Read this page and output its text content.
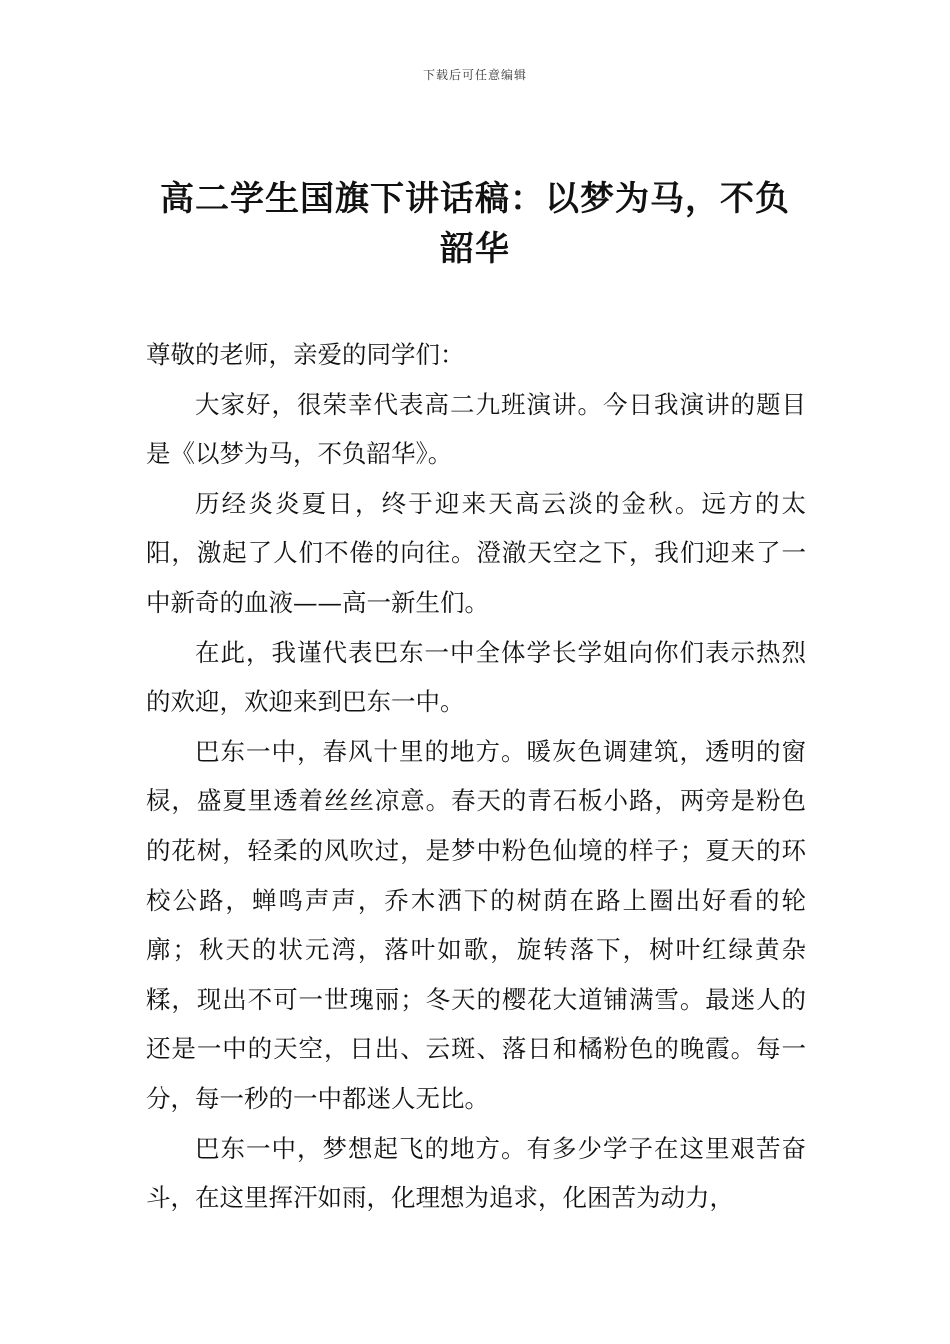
下载后可任意编辑
高二学生国旗下讲话稿：以梦为马，不负韶华

尊敬的老师，亲爱的同学们：

大家好，很荣幸代表高二九班演讲。今日我演讲的题目是《以梦为马，不负韶华》。

历经炎炎夏日，终于迎来天高云淡的金秋。远方的太阳，激起了人们不倦的向往。澄澈天空之下，我们迎来了一中新奇的血液——高一新生们。

在此，我谨代表巴东一中全体学长学姐向你们表示热烈的欢迎，欢迎来到巴东一中。

巴东一中，春风十里的地方。暖灰色调建筑，透明的窗棂，盛夏里透着丝丝凉意。春天的青石板小路，两旁是粉色的花树，轻柔的风吹过，是梦中粉色仙境的样子；夏天的环校公路，蝉鸣声声，乔木洒下的树荫在路上圈出好看的轮廓；秋天的状元湾，落叶如歌，旋转落下，树叶红绿黄杂糅，现出不可一世瑰丽；冬天的樱花大道铺满雪。最迷人的还是一中的天空，日出、云斑、落日和橘粉色的晚霞。每一分，每一秒的一中都迷人无比。

巴东一中，梦想起飞的地方。有多少学子在这里艰苦奋斗，在这里挥汗如雨，化理想为追求，化困苦为动力，
